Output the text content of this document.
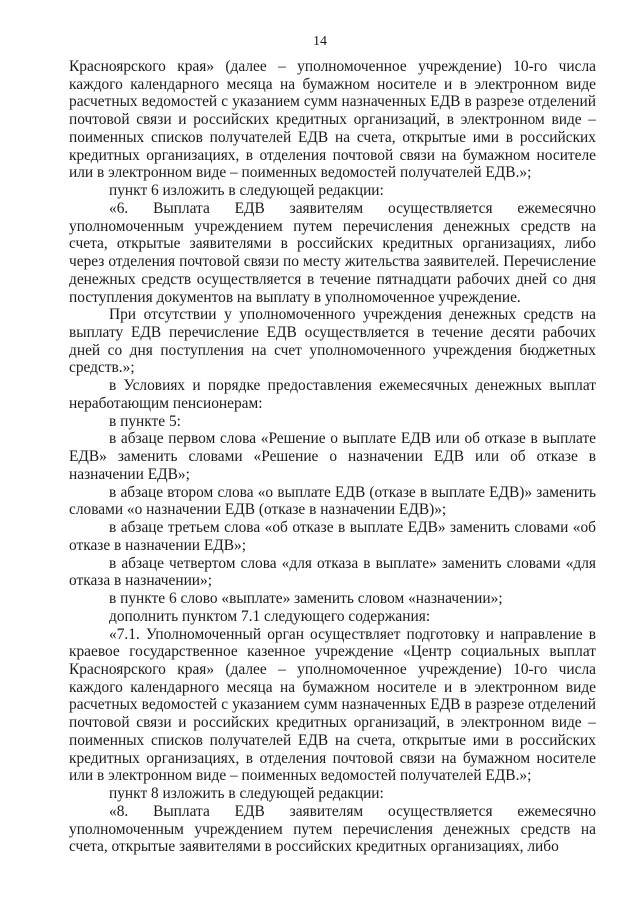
14

Красноярского края» (далее – уполномоченное учреждение) 10-го числа каждого календарного месяца на бумажном носителе и в электронном виде расчетных ведомостей с указанием сумм назначенных ЕДВ в разрезе отделений почтовой связи и российских кредитных организаций, в электронном виде – поименных списков получателей ЕДВ на счета, открытые ими в российских кредитных организациях, в отделения почтовой связи на бумажном носителе или в электронном виде – поименных ведомостей получателей ЕДВ.»;

пункт 6 изложить в следующей редакции:

«6. Выплата ЕДВ заявителям осуществляется ежемесячно уполномоченным учреждением путем перечисления денежных средств на счета, открытые заявителями в российских кредитных организациях, либо через отделения почтовой связи по месту жительства заявителей. Перечисление денежных средств осуществляется в течение пятнадцати рабочих дней со дня поступления документов на выплату в уполномоченное учреждение.

При отсутствии у уполномоченного учреждения денежных средств на выплату ЕДВ перечисление ЕДВ осуществляется в течение десяти рабочих дней со дня поступления на счет уполномоченного учреждения бюджетных средств.»;

в Условиях и порядке предоставления ежемесячных денежных выплат неработающим пенсионерам:

в пункте 5:

в абзаце первом слова «Решение о выплате ЕДВ или об отказе в выплате ЕДВ» заменить словами «Решение о назначении ЕДВ или об отказе в назначении ЕДВ»;

в абзаце втором слова «о выплате ЕДВ (отказе в выплате ЕДВ)» заменить словами «о назначении ЕДВ (отказе в назначении ЕДВ)»;

в абзаце третьем слова «об отказе в выплате ЕДВ» заменить словами «об отказе в назначении ЕДВ»;

в абзаце четвертом слова «для отказа в выплате» заменить словами «для отказа в назначении»;

в пункте 6 слово «выплате» заменить словом «назначении»;

дополнить пунктом 7.1 следующего содержания:

«7.1. Уполномоченный орган осуществляет подготовку и направление в краевое государственное казенное учреждение «Центр социальных выплат Красноярского края» (далее – уполномоченное учреждение) 10-го числа каждого календарного месяца на бумажном носителе и в электронном виде расчетных ведомостей с указанием сумм назначенных ЕДВ в разрезе отделений почтовой связи и российских кредитных организаций, в электронном виде – поименных списков получателей ЕДВ на счета, открытые ими в российских кредитных организациях, в отделения почтовой связи на бумажном носителе или в электронном виде – поименных ведомостей получателей ЕДВ.»;

пункт 8 изложить в следующей редакции:

«8. Выплата ЕДВ заявителям осуществляется ежемесячно уполномоченным учреждением путем перечисления денежных средств на счета, открытые заявителями в российских кредитных организациях, либо
